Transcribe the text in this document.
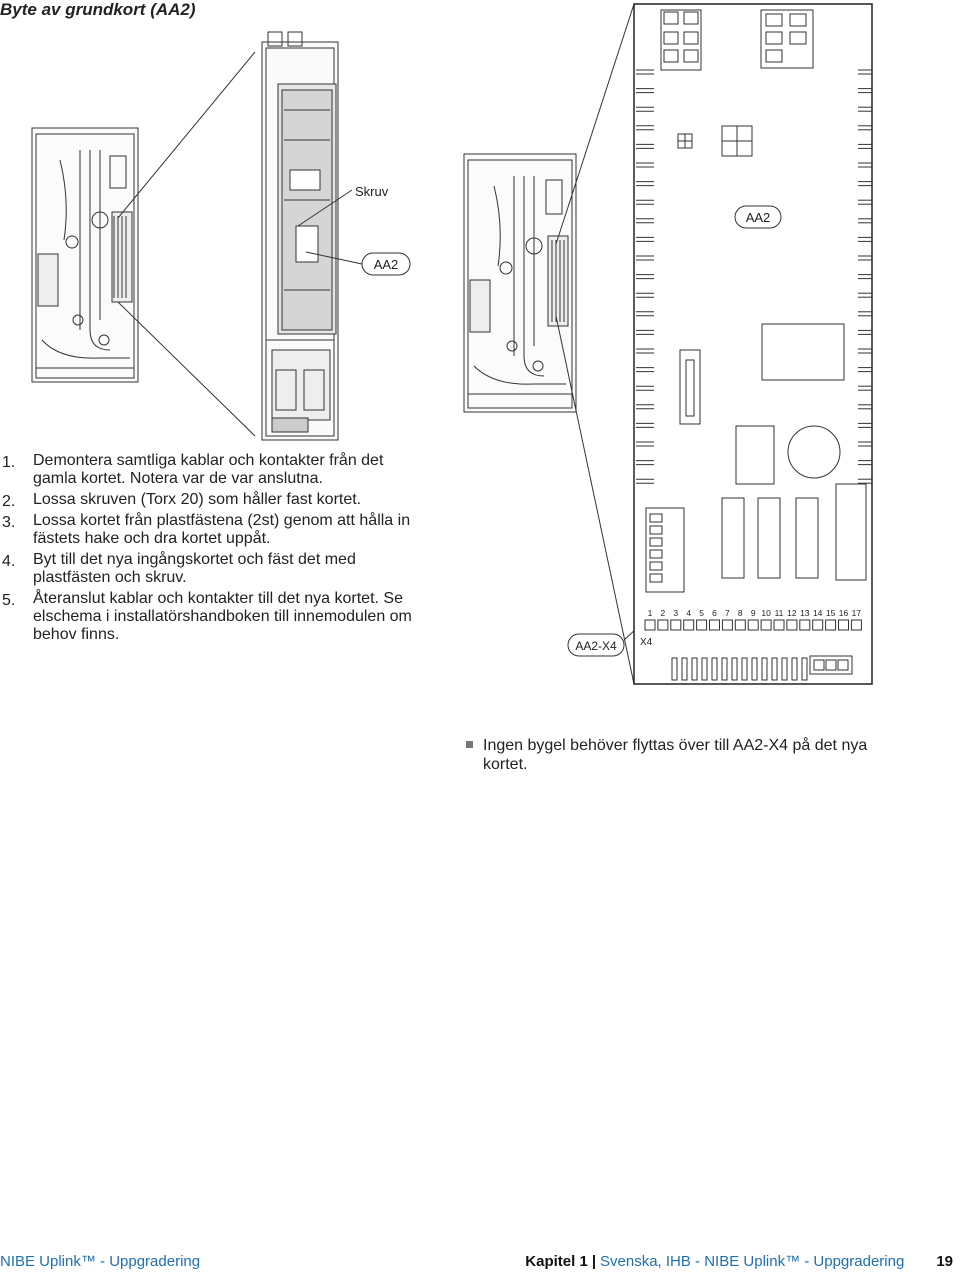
Byte av grundkort (AA2)
1 2 3 4 5 6 7 8 9 10 11 12 13 14 15 16 17
Skruv
AA2
AA2
AA2-X4 X4
1. Demontera samtliga kablar och kontakter från det gamla kortet. Notera var de var anslutna.
2. Lossa skruven (Torx 20) som håller fast kortet.
3. Lossa kortet från plastfästena (2st) genom att hålla in fästets hake och dra kortet uppåt.
4. Byt till det nya ingångskortet och fäst det med plastfästen och skruv.
5. Återanslut kablar och kontakter till det nya kortet. Se elschema i installatörshandboken till innemodulen om behov finns.
Ingen bygel behöver flyttas över till AA2-X4 på det nya kortet.
NIBE Uplink™ - Uppgradering	Kapitel 1 | Svenska, IHB - NIBE Uplink™ - Uppgradering 19
